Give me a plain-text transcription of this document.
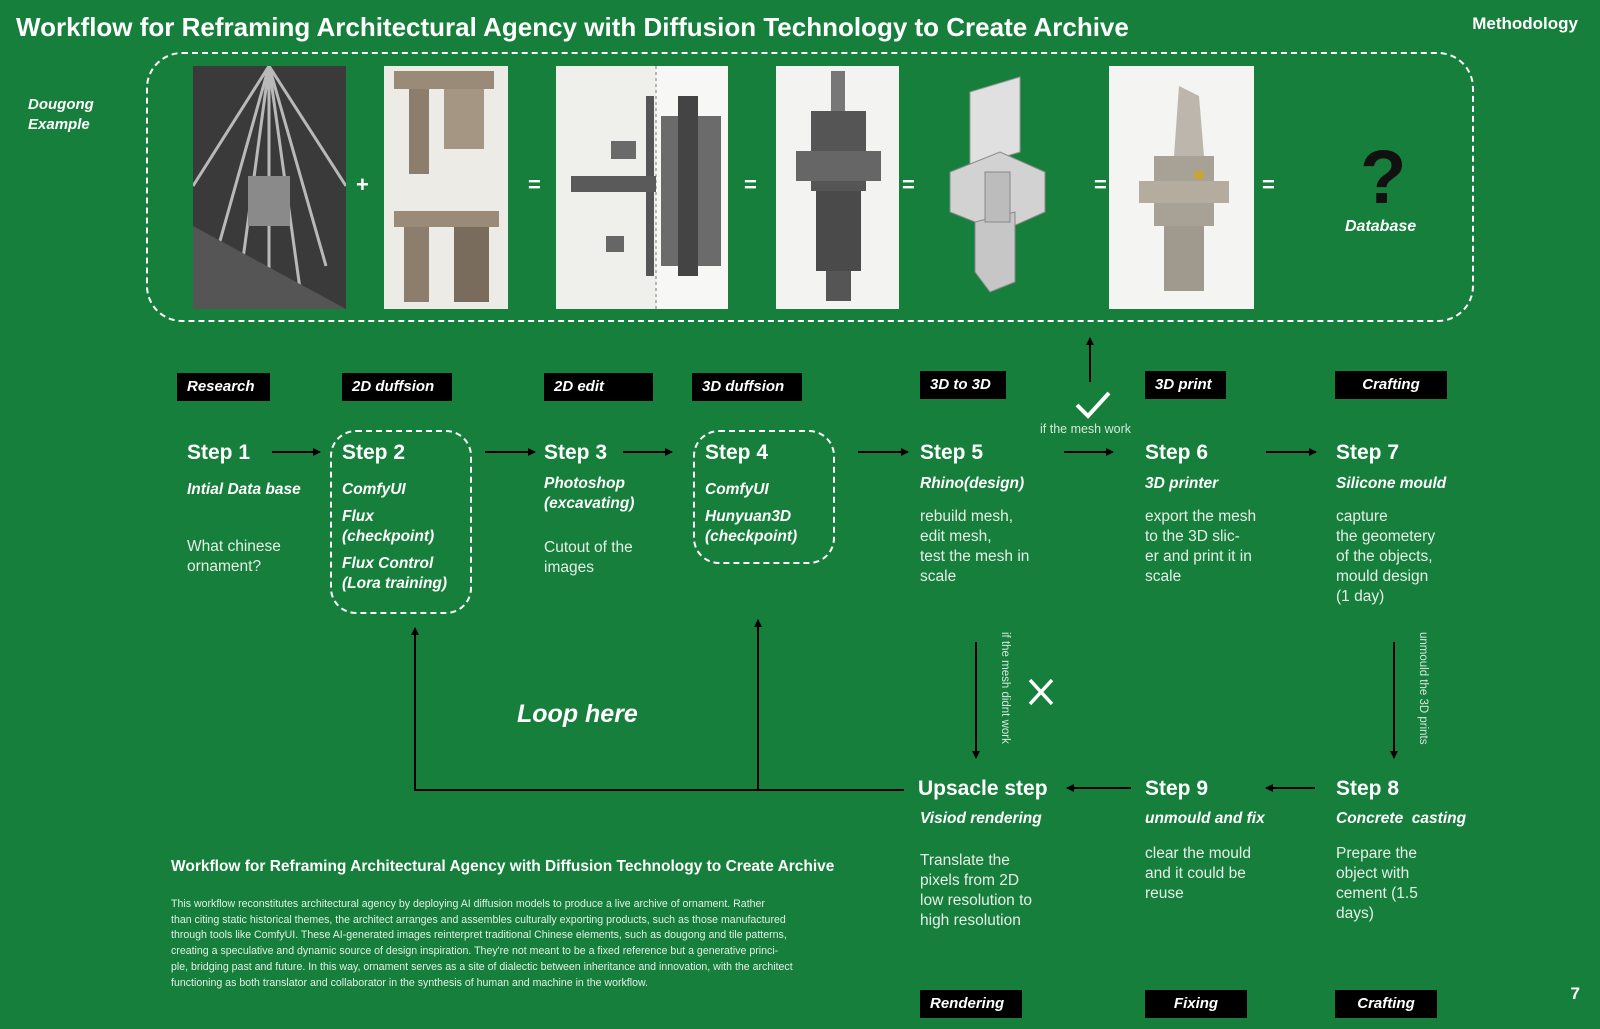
Workflow for Reframing Architectural Agency with Diffusion Technology to Create Archive	Methodology
7
Dougong
Example
+	=	=	=	=	= ?
Database
Research	2D duffsion	2D edit	3D duffsion	3D to 3D	3D print	Crafting
Rendering	Fixing	Crafting
if the mesh work
if the mesh didnt work	unmould the 3D prints
Step 1
Intial Data base
What chinese
ornament?
Step 2
ComfyUI
Flux
(checkpoint)
Flux Control
(Lora training)
Step 3
Photoshop
(excavating)
Cutout of the
images
Step 4
ComfyUI
Hunyuan3D
(checkpoint)
Step 5
Rhino(design)
rebuild mesh,
edit mesh,
test the mesh in
scale
Step 6
3D printer
export the mesh
to the 3D slic-
er and print it in
scale
Step 7
Silicone mould
capture
the geometery
of the objects,
mould design
(1 day)
Loop here
Upsacle step
Visiod rendering
Translate the
pixels from 2D
low resolution to
high resolution
Step 9
unmould and fix
clear the mould
and it could be
reuse
Step 8
Concrete  casting
Prepare the
object with
cement (1.5
days)
Workflow for Reframing Architectural Agency with Diffusion Technology to Create Archive
This workflow reconstitutes architectural agency by deploying AI diffusion models to produce a live archive of ornament. Rather
than citing static historical themes, the architect arranges and assembles culturally exporting products, such as those manufactured
through tools like ComfyUI. These AI-generated images reinterpret traditional Chinese elements, such as dougong and tile patterns,
creating a speculative and dynamic source of design inspiration. They're not meant to be a fixed reference but a generative princi-
ple, bridging past and future. In this way, ornament serves as a site of dialectic between inheritance and innovation, with the architect
functioning as both translator and collaborator in the synthesis of human and machine in the workflow.
